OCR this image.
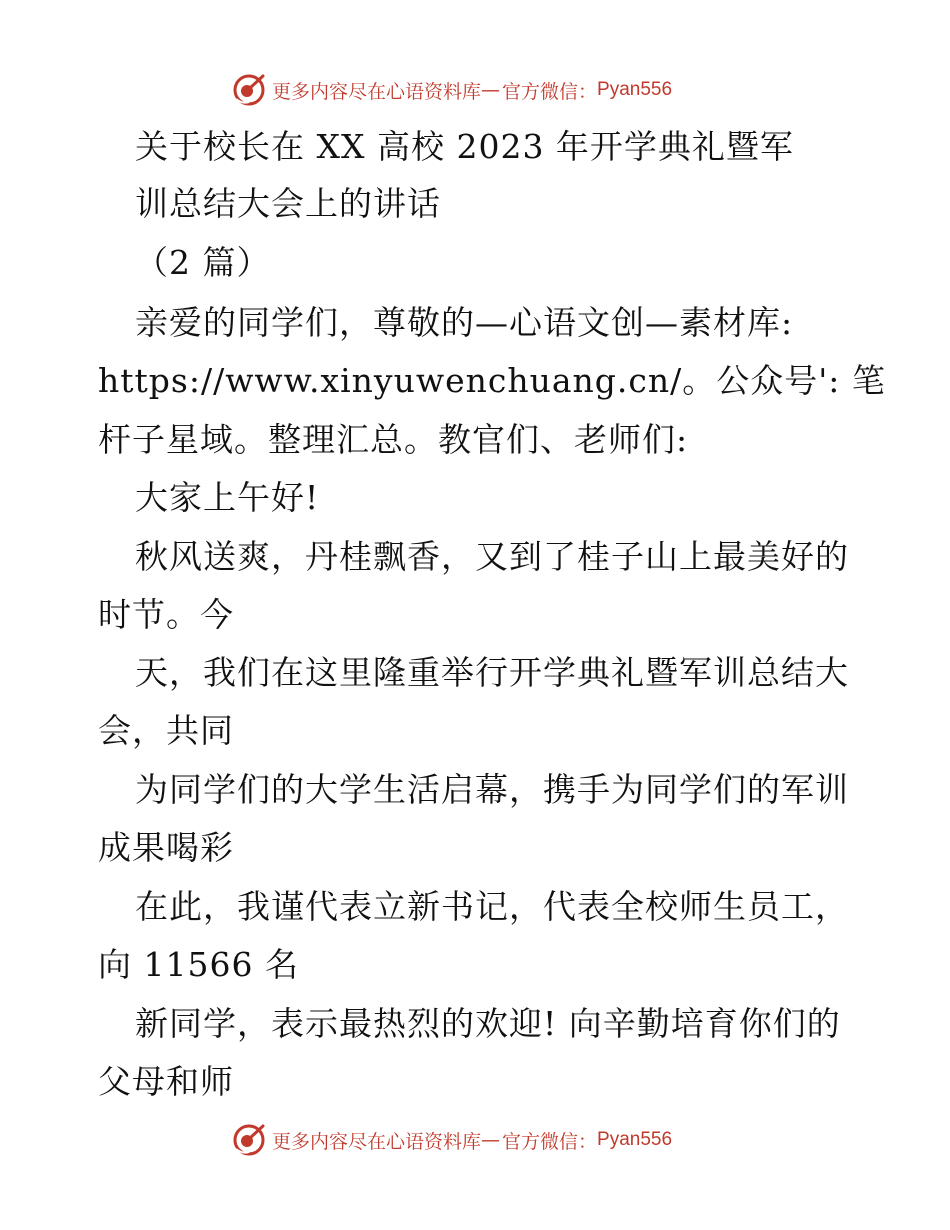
更多内容尽在心语资料库 — 官方微信： Pyan556
关于校长在 XX 高校 2023 年开学典礼暨军
训总结大会上的讲话
（2 篇）
亲爱的同学们，尊敬的—心语文创—素材库:
https://www.xinyuwenchuang.cn/。公众号': 笔
杆子星域。整理汇总。教官们、老师们:
大家上午好!
秋风送爽，丹桂飘香，又到了桂子山上最美好的
时节。今
天，我们在这里隆重举行开学典礼暨军训总结大
会，共同
为同学们的大学生活启幕，携手为同学们的军训
成果喝彩
在此，我谨代表立新书记，代表全校师生员工，
向 11566 名
新同学，表示最热烈的欢迎! 向辛勤培育你们的
父母和师
更多内容尽在心语资料库 — 官方微信： Pyan556
